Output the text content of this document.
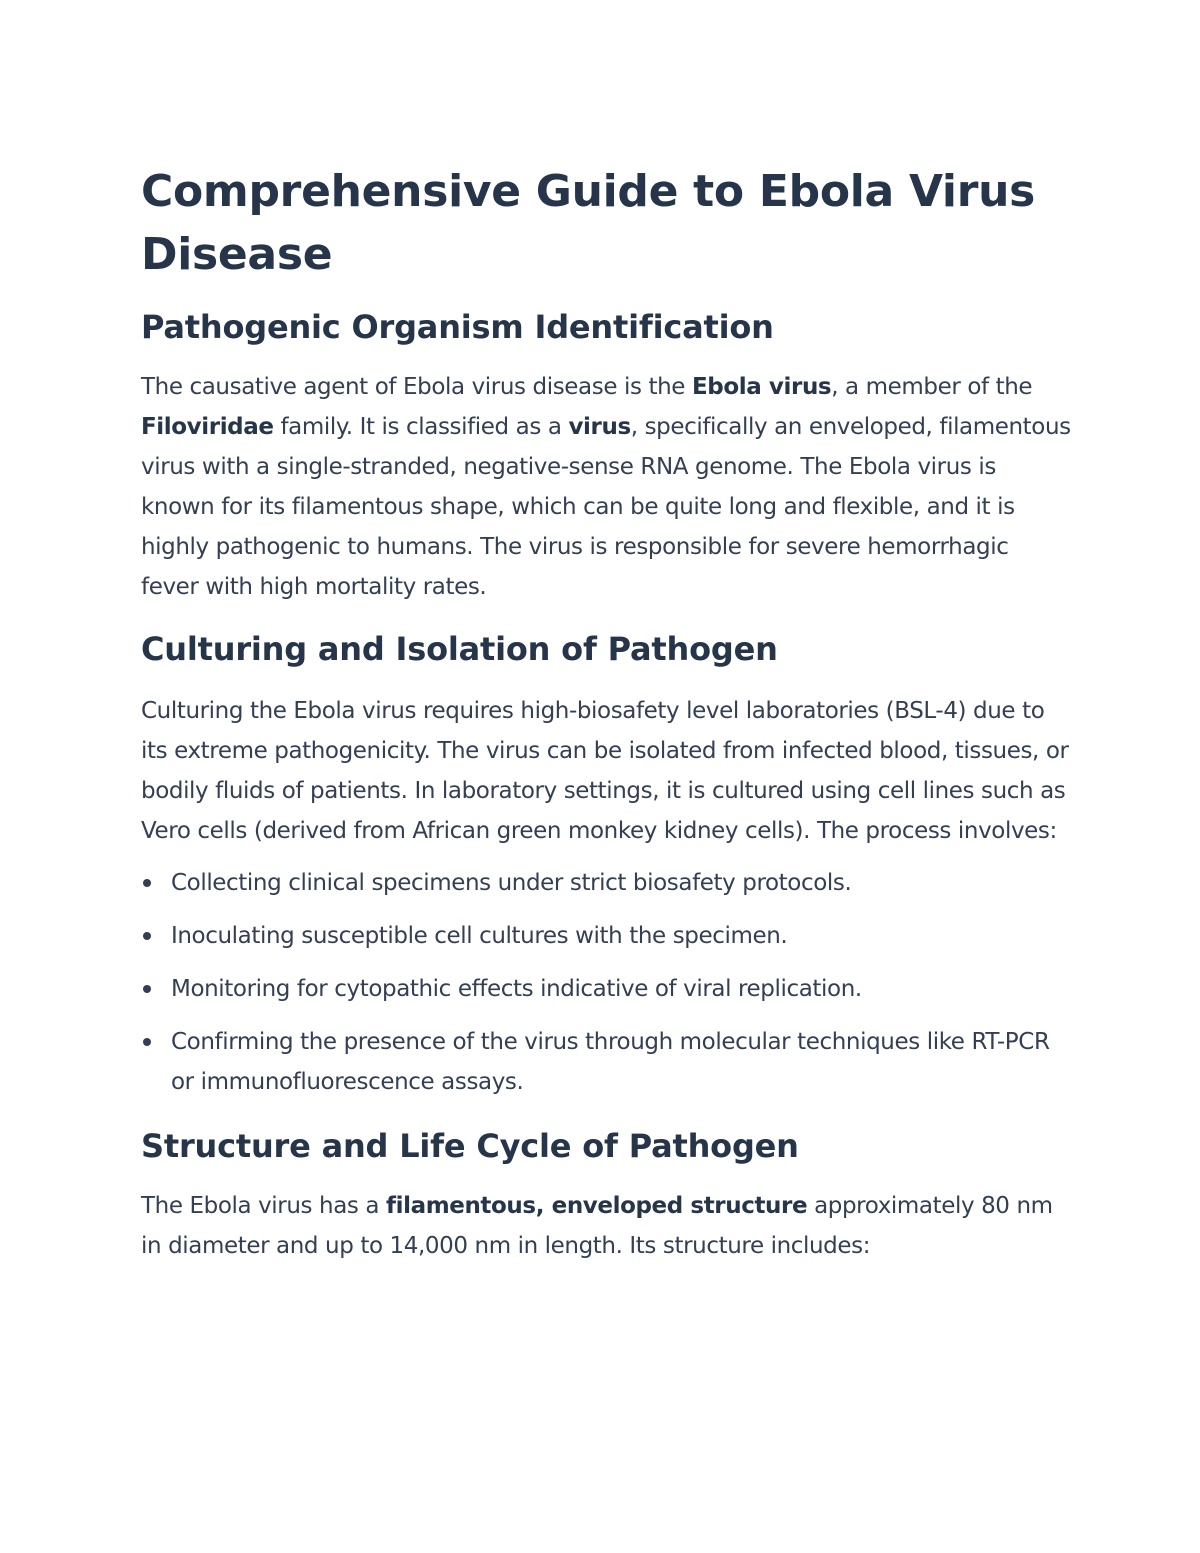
Comprehensive Guide to Ebola Virus Disease
Pathogenic Organism Identification

The causative agent of Ebola virus disease is the Ebola virus, a member of the Filoviridae family. It is classified as a virus, specifically an enveloped, filamentous virus with a single-stranded, negative-sense RNA genome. The Ebola virus is known for its filamentous shape, which can be quite long and flexible, and it is highly pathogenic to humans. The virus is responsible for severe hemorrhagic fever with high mortality rates.

Culturing and Isolation of Pathogen

Culturing the Ebola virus requires high-biosafety level laboratories (BSL-4) due to its extreme pathogenicity. The virus can be isolated from infected blood, tissues, or bodily fluids of patients. In laboratory settings, it is cultured using cell lines such as Vero cells (derived from African green monkey kidney cells). The process involves:

Collecting clinical specimens under strict biosafety protocols.
Inoculating susceptible cell cultures with the specimen.
Monitoring for cytopathic effects indicative of viral replication.
Confirming the presence of the virus through molecular techniques like RT-PCR or immunofluorescence assays.
Structure and Life Cycle of Pathogen

The Ebola virus has a filamentous, enveloped structure approximately 80 nm in diameter and up to 14,000 nm in length. Its structure includes:
